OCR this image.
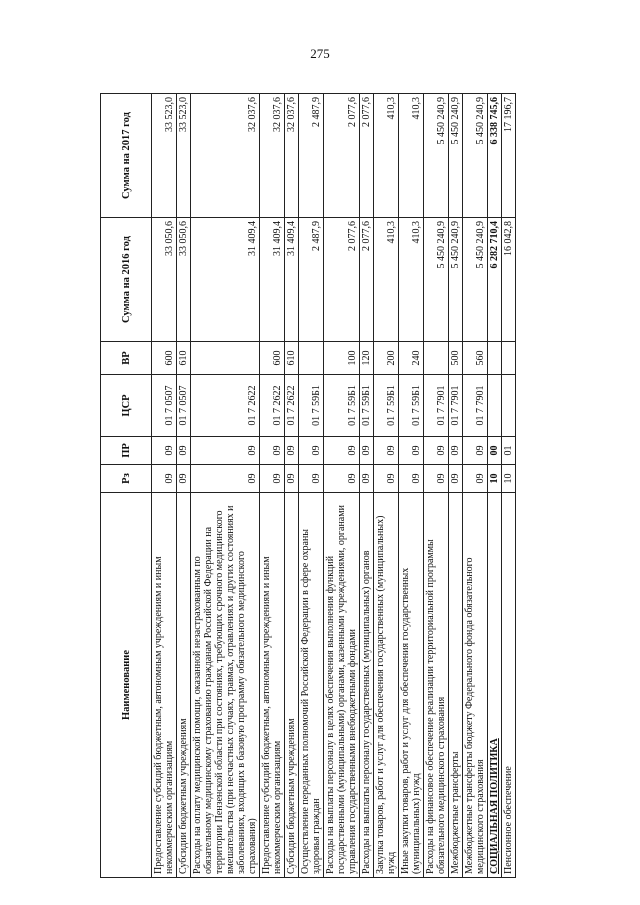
275
Наименование	Рз	ПР	ЦСР	ВР	Сумма на 2016 год	Сумма на 2017 год
Предоставление субсидий бюджетным, автономным учреждениям и иным некоммерческим организациям	09	09	01 7 0507	600	33 050,6	33 523,0
Субсидии бюджетным учреждениям	09	09	01 7 0507	610	33 050,6	33 523,0
Расходы на оплату медицинской помощи, оказанной незастрахованным по обязательному медицинскому страхованию гражданам Российской Федерации на территории Пензенской области при состояниях, требующих срочного медицинского вмешательства (при несчастных случаях, травмах, отравлениях и других состояниях и заболеваниях, входящих в базовую программу обязательного медицинского страхования)	09	09	01 7 2622		31 409,4	32 037,6
Предоставление субсидий бюджетным, автономным учреждениям и иным некоммерческим организациям	09	09	01 7 2622	600	31 409,4	32 037,6
Субсидии бюджетным учреждениям	09	09	01 7 2622	610	31 409,4	32 037,6
Осуществление переданных полномочий Российской Федерации в сфере охраны здоровья граждан	09	09	01 7 59Б1		2 487,9	2 487,9
Расходы на выплаты персоналу в целях обеспечения выполнения функций государственными (муниципальными) органами, казенными учреждениями, органами управления государственными внебюджетными фондами	09	09	01 7 59Б1	100	2 077,6	2 077,6
Расходы на выплаты персоналу государственных (муниципальных) органов	09	09	01 7 59Б1	120	2 077,6	2 077,6
Закупка товаров, работ и услуг для обеспечения государственных (муниципальных) нужд	09	09	01 7 59Б1	200	410,3	410,3
Иные закупки товаров, работ и услуг для обеспечения государственных (муниципальных) нужд	09	09	01 7 59Б1	240	410,3	410,3
Расходы на финансовое обеспечение реализации территориальной программы обязательного медицинского страхования	09	09	01 7 7901		5 450 240,9	5 450 240,9
Межбюджетные трансферты	09	09	01 7 7901	500	5 450 240,9	5 450 240,9
Межбюджетные трансферты бюджету Федерального фонда обязательного медицинского страхования	09	09	01 7 7901	560	5 450 240,9	5 450 240,9
СОЦИАЛЬНАЯ ПОЛИТИКА	10	00			6 282 710,4	6 338 745,6
Пенсионное обеспечение	10	01			16 042,8	17 196,7
